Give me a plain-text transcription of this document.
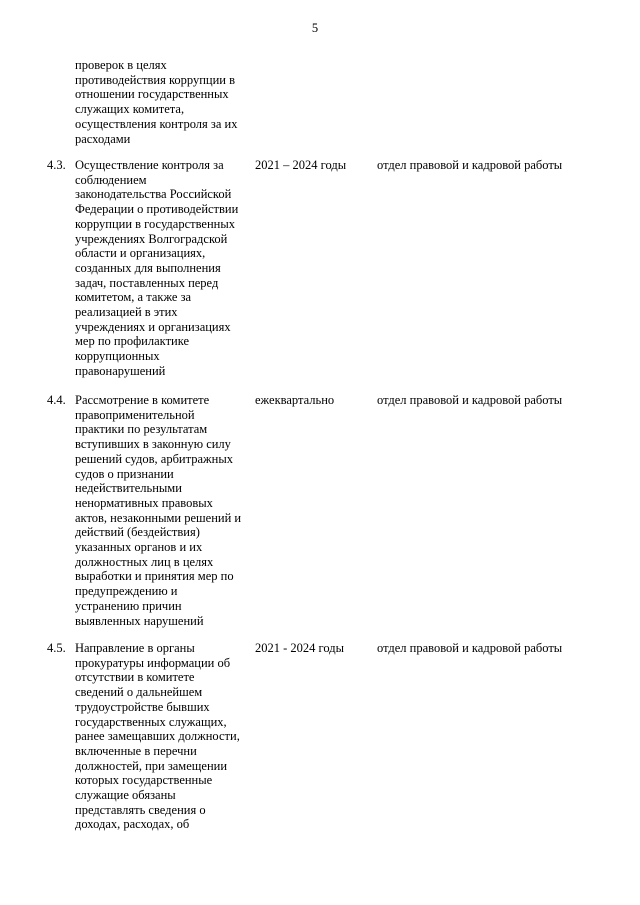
5
проверок в целях
противодействия коррупции в
отношении государственных
служащих комитета,
осуществления контроля за их
расходами
4.3. Осуществление контроля за
соблюдением
законодательства Российской
Федерации о противодействии
коррупции в государственных
учреждениях Волгоградской
области и организациях,
созданных для выполнения
задач, поставленных перед
комитетом, а также за
реализацией в этих
учреждениях и организациях
мер по профилактике
коррупционных
правонарушений
2021 – 2024 годы отдел правовой и кадровой работы
4.4. Рассмотрение в комитете
правоприменительной
практики по результатам
вступивших в законную силу
решений судов, арбитражных
судов о признании
недействительными
ненормативных правовых
актов, незаконными решений и
действий (бездействия)
указанных органов и их
должностных лиц в целях
выработки и принятия мер по
предупреждению и
устранению причин
выявленных нарушений
ежеквартально	отдел правовой и кадровой работы
4.5. Направление в органы
прокуратуры информации об
отсутствии в комитете
сведений о дальнейшем
трудоустройстве бывших
государственных служащих,
ранее замещавших должности,
включенные в перечни
должностей, при замещении
которых государственные
служащие обязаны
представлять сведения о
доходах, расходах, об
2021 - 2024 годы	отдел правовой и кадровой работы
